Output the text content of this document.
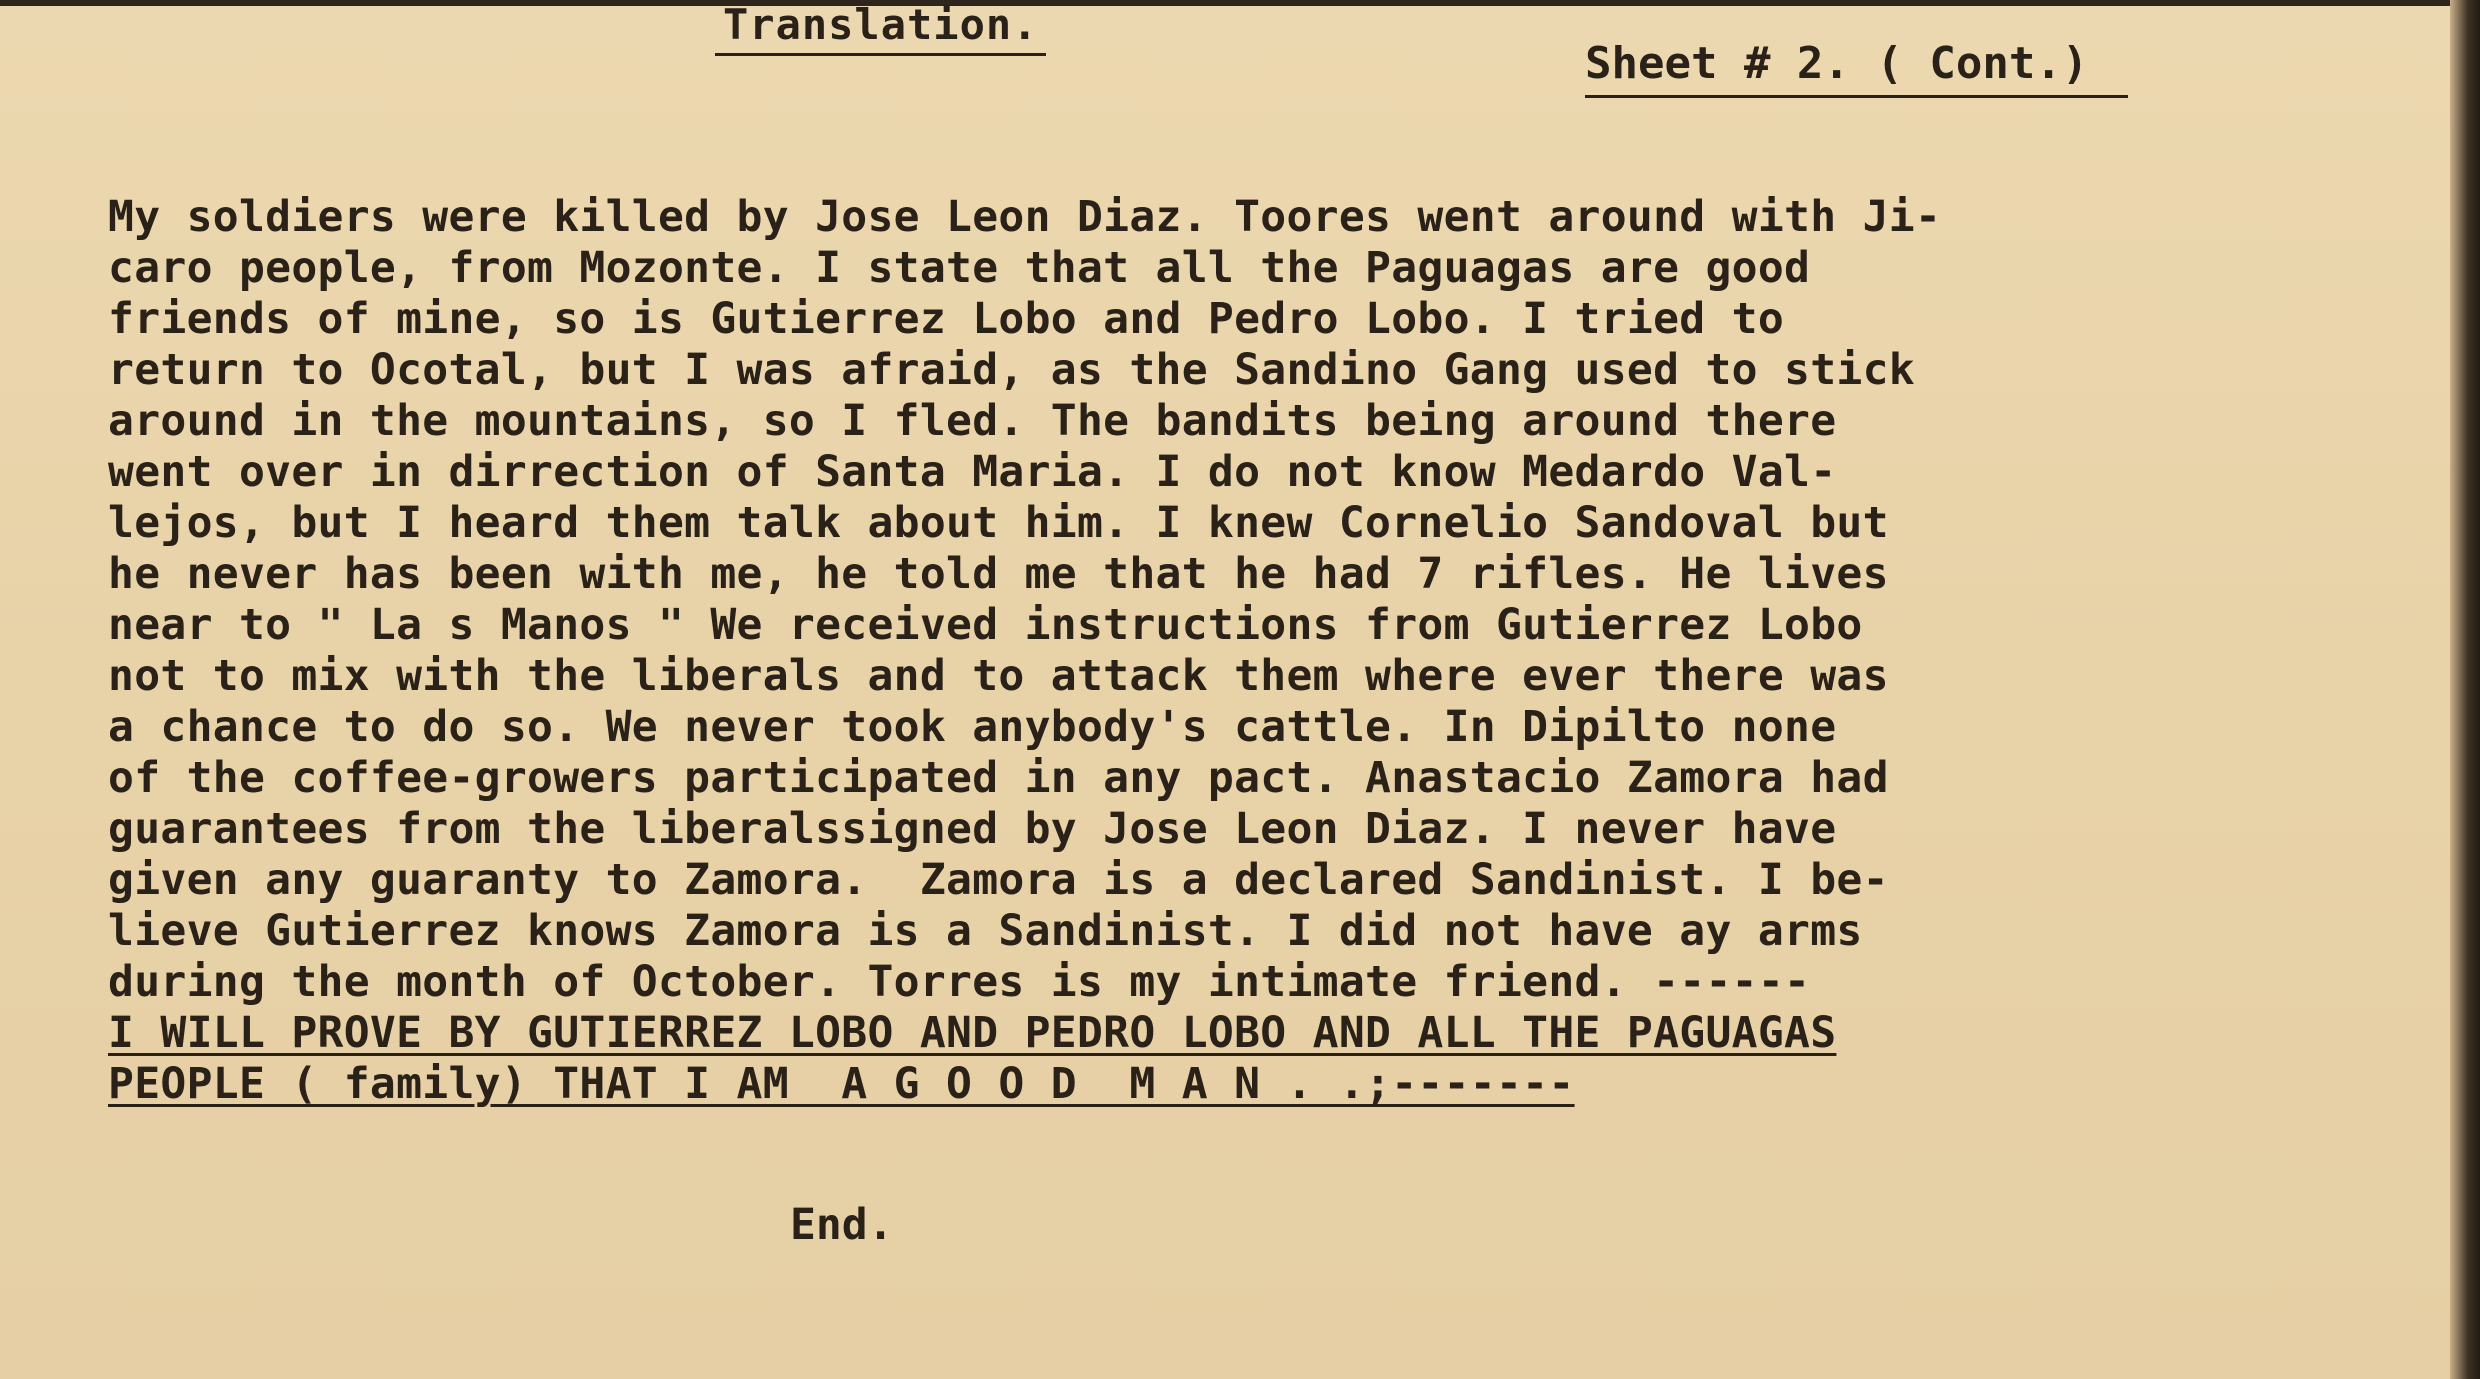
Translation.

Sheet # 2. ( Cont.)

My soldiers were killed by Jose Leon Diaz. Toores went around with Ji-

caro people, from Mozonte. I state that all the Paguagas are good

friends of mine, so is Gutierrez Lobo and Pedro Lobo. I tried to

return to Ocotal, but I was afraid, as the Sandino Gang used to stick

around in the mountains, so I fled. The bandits being around there

went over in dirrection of Santa Maria. I do not know Medardo Val-

lejos, but I heard them talk about him. I knew Cornelio Sandoval but

he never has been with me, he told me that he had 7 rifles. He lives

near to " La s Manos " We received instructions from Gutierrez Lobo

not to mix with the liberals and to attack them where ever there was

a chance to do so. We never took anybody's cattle. In Dipilto none

of the coffee-growers participated in any pact. Anastacio Zamora had

guarantees from the liberalssigned by Jose Leon Diaz. I never have

given any guaranty to Zamora.  Zamora is a declared Sandinist. I be-

lieve Gutierrez knows Zamora is a Sandinist. I did not have ay arms

during the month of October. Torres is my intimate friend. ------

I WILL PROVE BY GUTIERREZ LOBO AND PEDRO LOBO AND ALL THE PAGUAGAS

PEOPLE ( family) THAT I AM  A G O O D  M A N . .;-------

End.
